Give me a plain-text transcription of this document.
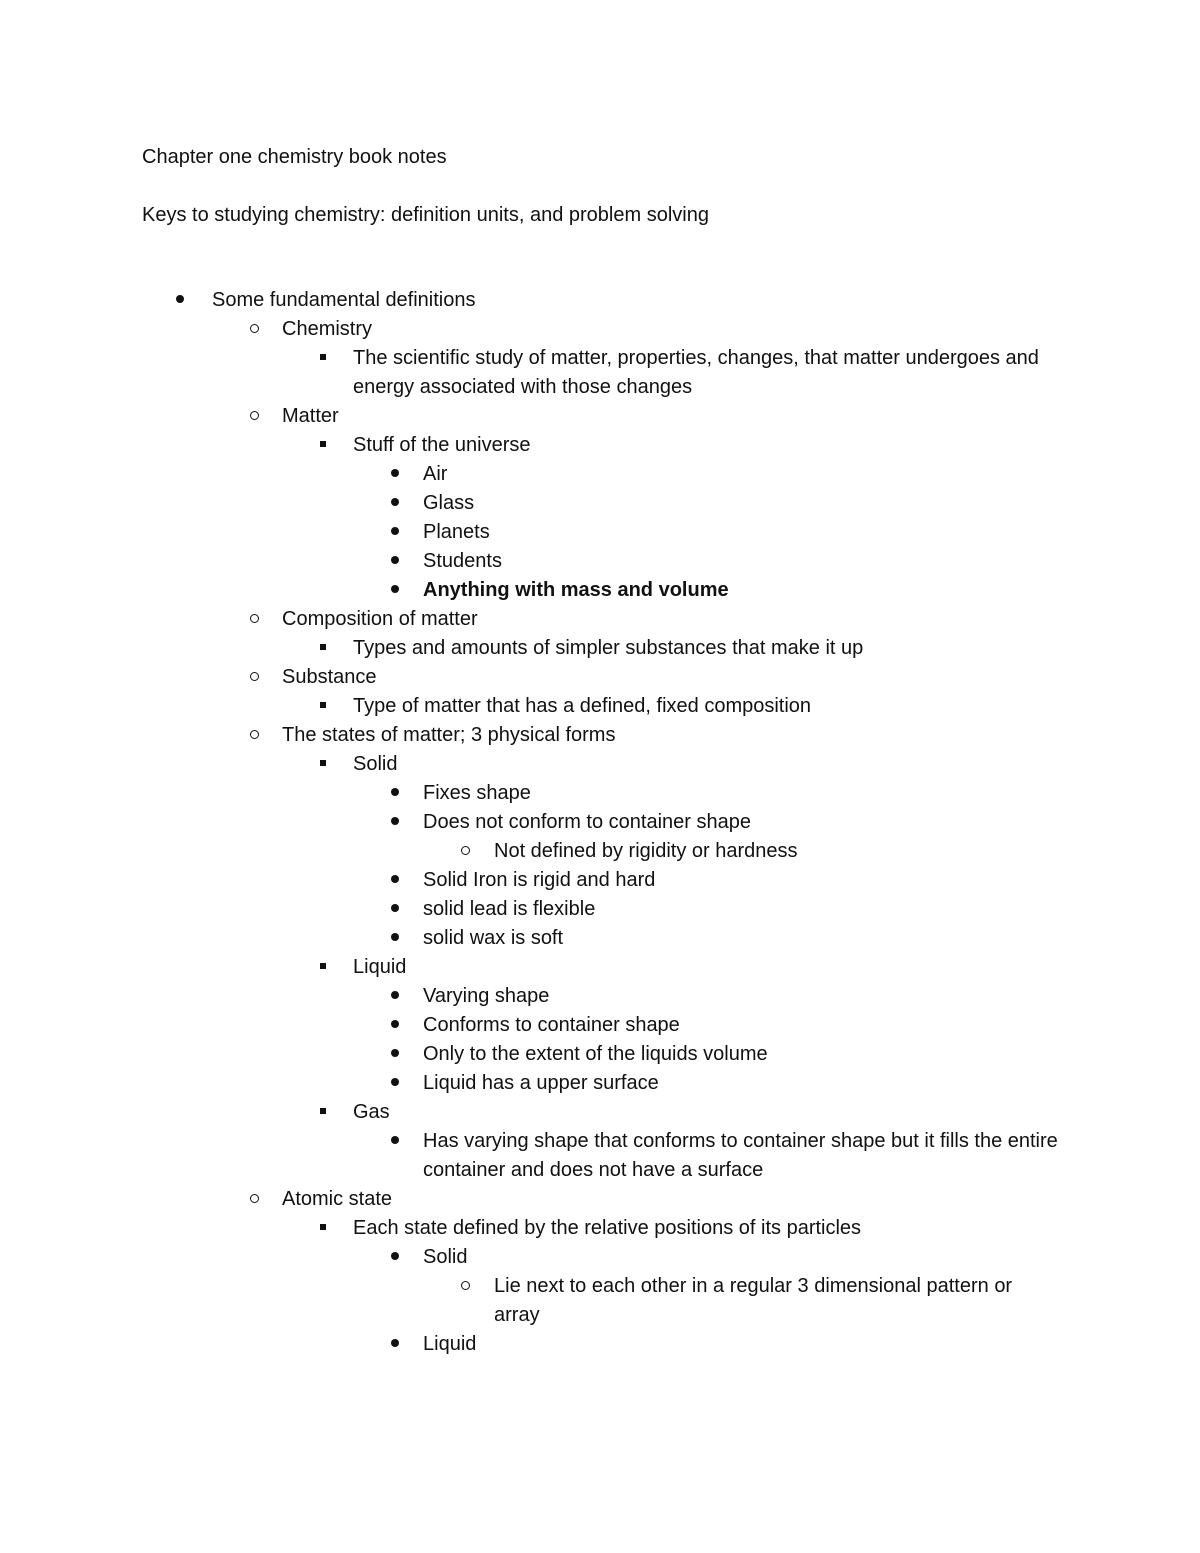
Chapter one chemistry book notes
Keys to studying chemistry: definition units, and problem solving
Some fundamental definitions
Chemistry
The scientific study of matter, properties, changes, that matter undergoes and energy associated with those changes
Matter
Stuff of the universe
Air
Glass
Planets
Students
Anything with mass and volume
Composition of matter
Types and amounts of simpler substances that make it up
Substance
Type of matter that has a defined, fixed composition
The states of matter; 3 physical forms
Solid
Fixes shape
Does not conform to container shape
Not defined by rigidity or hardness
Solid Iron is rigid and hard
solid lead is flexible
solid wax is soft
Liquid
Varying shape
Conforms to container shape
Only to the extent of the liquids volume
Liquid has a upper surface
Gas
Has varying shape that conforms to container shape but it fills the entire container and does not have a surface
Atomic state
Each state defined by the relative positions of its particles
Solid
Lie next to each other in a regular 3 dimensional pattern or array
Liquid
